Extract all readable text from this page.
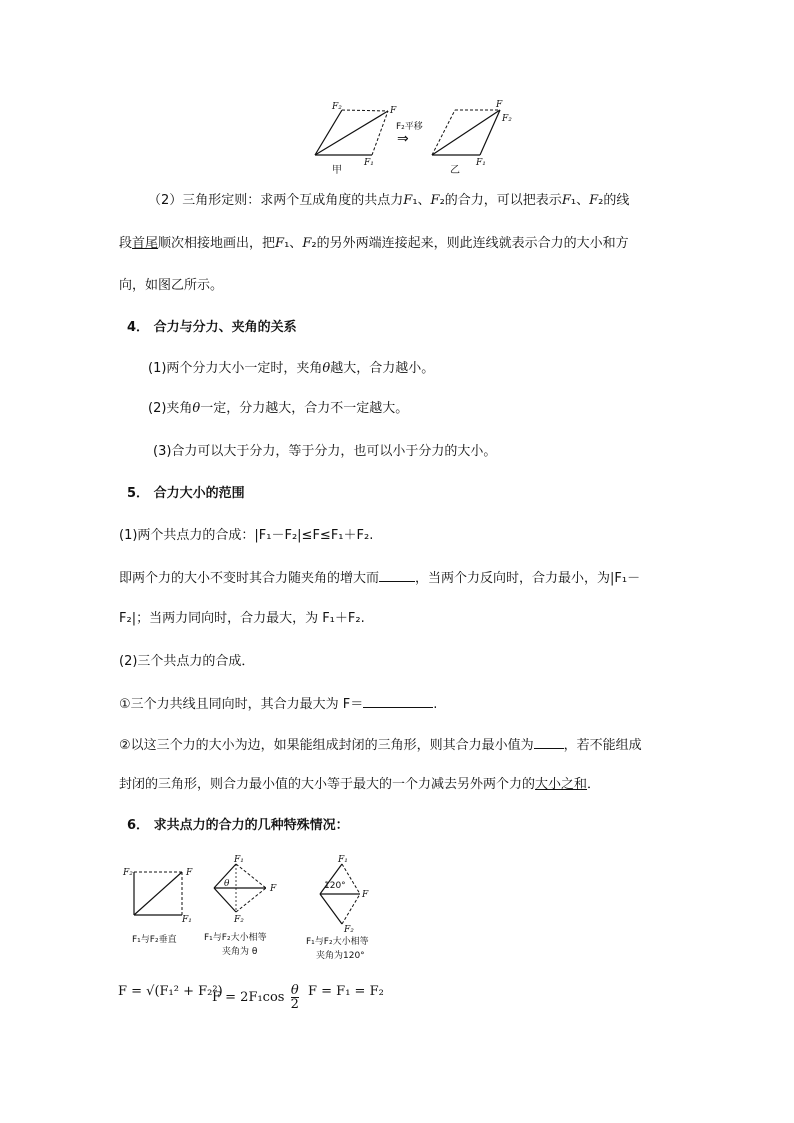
F₂	F
F₁
甲
F₂平移
⇒
F
F₂
F₁
乙
（2）三角形定则：求两个互成角度的共点力F₁、F₂的合力，可以把表示F₁、F₂的线
段首尾顺次相接地画出，把F₁、F₂的另外两端连接起来，则此连线就表示合力的大小和方
向，如图乙所示。
4． 合力与分力、夹角的关系
(1)两个分力大小一定时，夹角θ越大，合力越小。
(2)夹角θ一定，分力越大，合力不一定越大。
(3)合力可以大于分力，等于分力，也可以小于分力的大小。
5． 合力大小的范围
(1)两个共点力的合成：|F₁－F₂|≤F≤F₁＋F₂.
即两个力的大小不变时其合力随夹角的增大而	，当两个力反向时，合力最小，为|F₁－
F₂|；当两力同向时，合力最大，为 F₁＋F₂.
(2)三个共点力的合成．
①三个力共线且同向时，其合力最大为 F＝	.
②以这三个力的大小为边，如果能组成封闭的三角形，则其合力最小值为 ，若不能组成
封闭的三角形，则合力最小值的大小等于最大的一个力减去另外两个力的大小之和．
6． 求共点力的合力的几种特殊情况：
F₂	F
F₁
F₁与F₂垂直
F₁
F
F₂
θ
F₁与F₂大小相等
夹角为 θ
F₁
F
F₂
120°
F₁与F₂大小相等
夹角为120°
F = √(F₁² + F₂²)
$F = 2F_1\cos \frac{\theta}{2}$ F = F₁ = F₂
